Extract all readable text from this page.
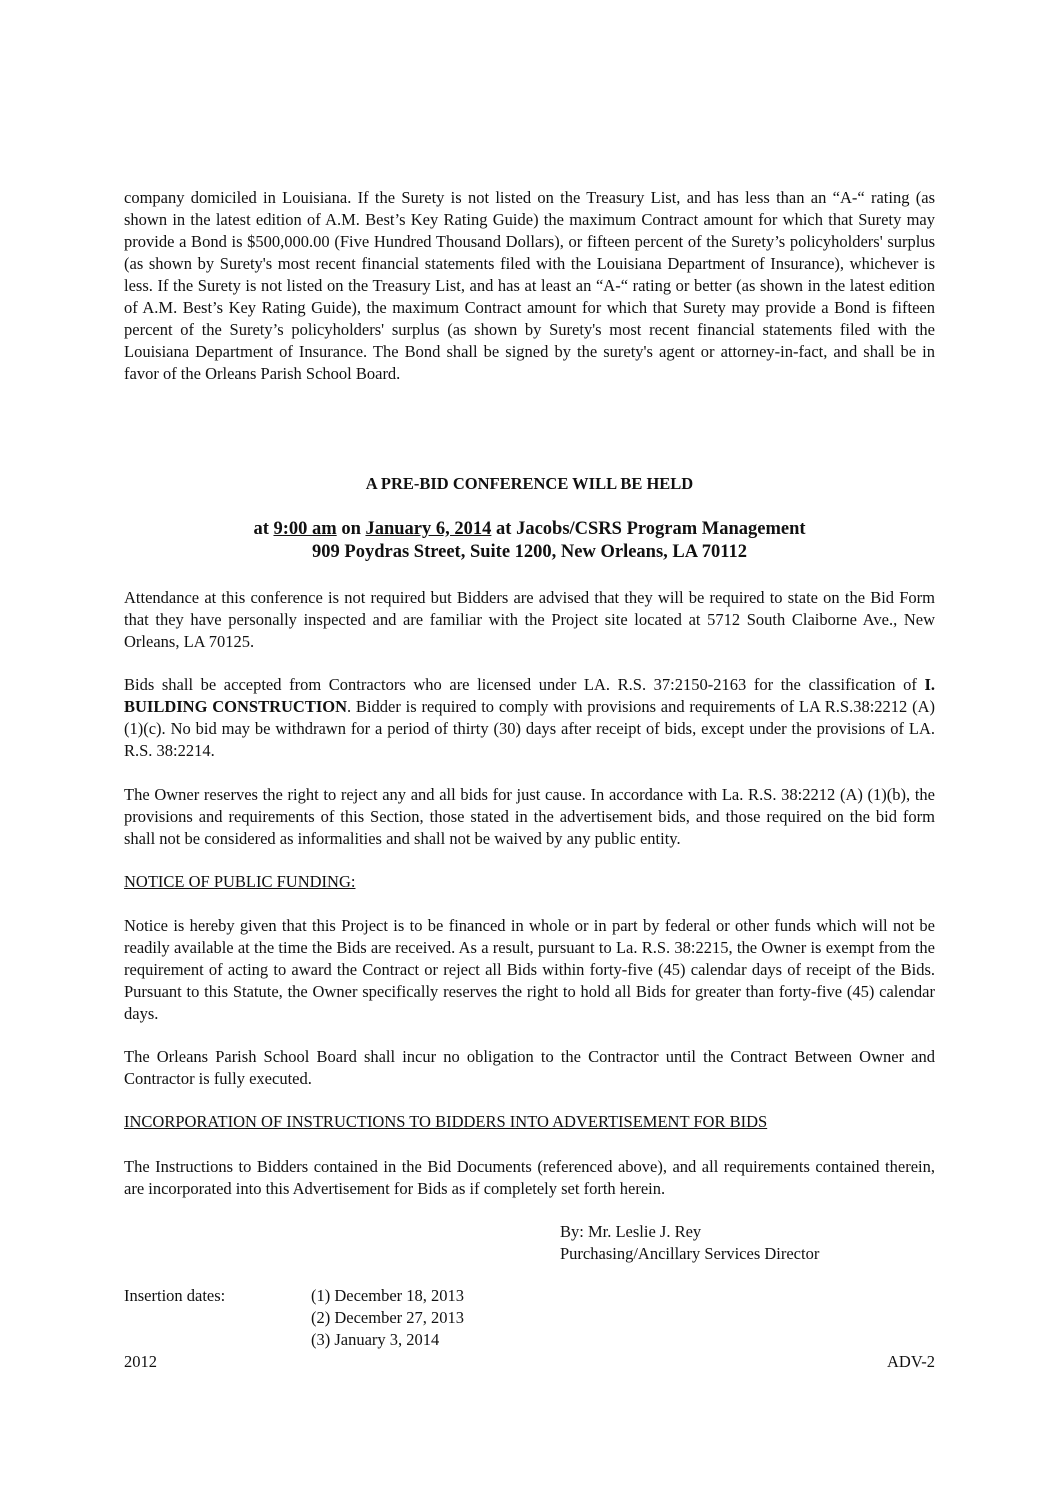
company domiciled in Louisiana. If the Surety is not listed on the Treasury List, and has less than an “A-“ rating (as shown in the latest edition of A.M. Best’s Key Rating Guide) the maximum Contract amount for which that Surety may provide a Bond is $500,000.00 (Five Hundred Thousand Dollars), or fifteen percent of the Surety’s policyholders' surplus (as shown by Surety's most recent financial statements filed with the Louisiana Department of Insurance), whichever is less. If the Surety is not listed on the Treasury List, and has at least an “A-“ rating or better (as shown in the latest edition of A.M. Best’s Key Rating Guide), the maximum Contract amount for which that Surety may provide a Bond is fifteen percent of the Surety’s policyholders' surplus (as shown by Surety's most recent financial statements filed with the Louisiana Department of Insurance. The Bond shall be signed by the surety's agent or attorney-in-fact, and shall be in favor of the Orleans Parish School Board.

A PRE-BID CONFERENCE WILL BE HELD

at 9:00 am on January 6, 2014 at Jacobs/CSRS Program Management

909 Poydras Street, Suite 1200, New Orleans, LA 70112

Attendance at this conference is not required but Bidders are advised that they will be required to state on the Bid Form that they have personally inspected and are familiar with the Project site located at 5712 South Claiborne Ave., New Orleans, LA 70125.

Bids shall be accepted from Contractors who are licensed under LA. R.S. 37:2150-2163 for the classification of I. BUILDING CONSTRUCTION. Bidder is required to comply with provisions and requirements of LA R.S.38:2212 (A)(1)(c). No bid may be withdrawn for a period of thirty (30) days after receipt of bids, except under the provisions of LA. R.S. 38:2214.

The Owner reserves the right to reject any and all bids for just cause. In accordance with La. R.S. 38:2212 (A) (1)(b), the provisions and requirements of this Section, those stated in the advertisement bids, and those required on the bid form shall not be considered as informalities and shall not be waived by any public entity.

NOTICE OF PUBLIC FUNDING:

Notice is hereby given that this Project is to be financed in whole or in part by federal or other funds which will not be readily available at the time the Bids are received. As a result, pursuant to La. R.S. 38:2215, the Owner is exempt from the requirement of acting to award the Contract or reject all Bids within forty-five (45) calendar days of receipt of the Bids. Pursuant to this Statute, the Owner specifically reserves the right to hold all Bids for greater than forty-five (45) calendar days.

The Orleans Parish School Board shall incur no obligation to the Contractor until the Contract Between Owner and Contractor is fully executed.

INCORPORATION OF INSTRUCTIONS TO BIDDERS INTO ADVERTISEMENT FOR BIDS

The Instructions to Bidders contained in the Bid Documents (referenced above), and all requirements contained therein, are incorporated into this Advertisement for Bids as if completely set forth herein.

By: Mr. Leslie J. Rey

Purchasing/Ancillary Services Director

Insertion dates:	(1) December 18, 2013
(2) December 27, 2013
(3) January 3, 2014

2012	ADV-2
